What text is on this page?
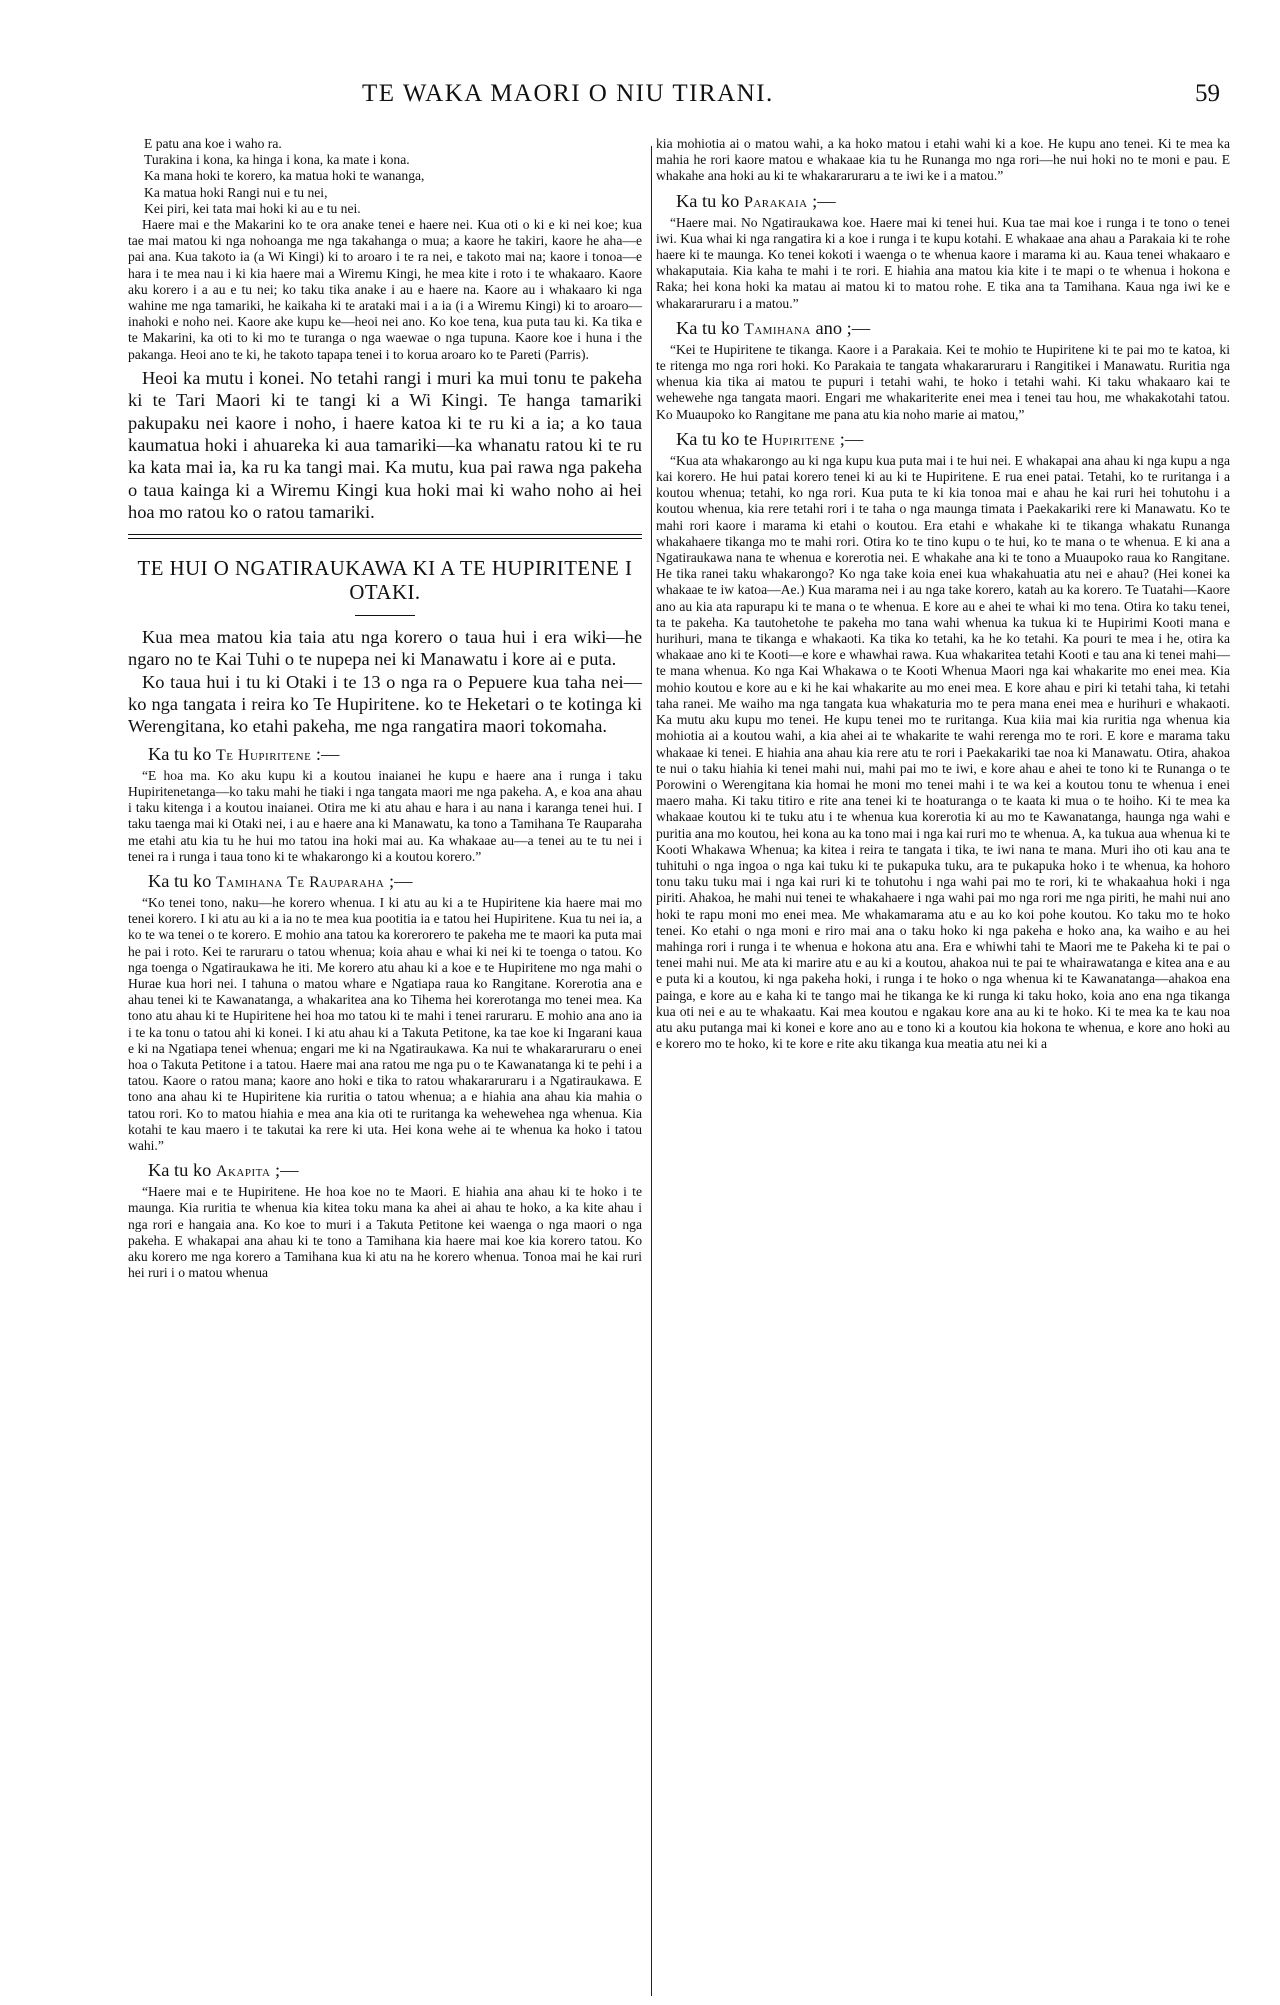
TE WAKA MAORI O NIU TIRANI.	59
E patu ana koe i waho ra.
Turakina i kona, ka hinga i kona, ka mate i kona.
Ka mana hoki te korero, ka matua hoki te wananga,
Ka matua hoki Rangi nui e tu nei,
Kei piri, kei tata mai hoki ki au e tu nei.

Haere mai e the Makarini ko te ora anake tenei e haere nei. Kua oti o ki e ki nei koe; kua tae mai matou ki nga nohoanga me nga takahanga o mua; a kaore he takiri, kaore he aha—e pai ana. Kua takoto ia (a Wi Kingi) ki to aroaro i te ra nei, e takoto mai na; kaore i tonoa—e hara i te mea nau i ki kia haere mai a Wiremu Kingi, he mea kite i roto i te whakaaro. Kaore aku korero i a au e tu nei; ko taku tika anake i au e haere na. Kaore au i whakaaro ki nga wahine me nga tamariki, he kaikaha ki te arataki mai i a ia (i a Wiremu Kingi) ki to aroaro—inahoki e noho nei. Kaore ake kupu ke—heoi nei ano. Ko koe tena, kua puta tau ki. Ka tika e te Makarini, ka oti to ki mo te turanga o nga waewae o nga tupuna. Kaore koe i huna i the pakanga. Heoi ano te ki, he takoto tapapa tenei i to korua aroaro ko te Pareti (Parris).

Heoi ka mutu i konei. No tetahi rangi i muri ka mui tonu te pakeha ki te Tari Maori ki te tangi ki a Wi Kingi. Te hanga tamariki pakupaku nei kaore i noho, i haere katoa ki te ru ki a ia; a ko taua kaumatua hoki i ahuareka ki aua tamariki—ka whanatu ratou ki te ru ka kata mai ia, ka ru ka tangi mai. Ka mutu, kua pai rawa nga pakeha o taua kainga ki a Wiremu Kingi kua hoki mai ki waho noho ai hei hoa mo ratou ko o ratou tamariki.

TE HUI O NGATIRAUKAWA KI A TE HUPIRITENE I OTAKI.

Kua mea matou kia taia atu nga korero o taua hui i era wiki—he ngaro no te Kai Tuhi o te nupepa nei ki Manawatu i kore ai e puta.

Ko taua hui i tu ki Otaki i te 13 o nga ra o Pepuere kua taha nei—ko nga tangata i reira ko Te Hupiritene. ko te Heketari o te kotinga ki Werengitana, ko etahi pakeha, me nga rangatira maori tokomaha.

Ka tu ko Te Hupiritene :—

“E hoa ma. Ko aku kupu ki a koutou inaianei he kupu e haere ana i runga i taku Hupiritenetanga—ko taku mahi he tiaki i nga tangata maori me nga pakeha. A, e koa ana ahau i taku kitenga i a koutou inaianei. Otira me ki atu ahau e hara i au nana i karanga tenei hui. I taku taenga mai ki Otaki nei, i au e haere ana ki Manawatu, ka tono a Tamihana Te Rauparaha me etahi atu kia tu he hui mo tatou ina hoki mai au. Ka whakaae au—a tenei au te tu nei i tenei ra i runga i taua tono ki te whakarongo ki a koutou korero.”

Ka tu ko Tamihana Te Rauparaha ;—

“Ko tenei tono, naku—he korero whenua. I ki atu au ki a te Hupiritene kia haere mai mo tenei korero. I ki atu au ki a ia no te mea kua pootitia ia e tatou hei Hupiritene. Kua tu nei ia, a ko te wa tenei o te korero. E mohio ana tatou ka korerorero te pakeha me te maori ka puta mai he pai i roto. Kei te raruraru o tatou whenua; koia ahau e whai ki nei ki te toenga o tatou. Ko nga toenga o Ngatiraukawa he iti. Me korero atu ahau ki a koe e te Hupiritene mo nga mahi o Hurae kua hori nei. I tahuna o matou whare e Ngatiapa raua ko Rangitane. Korerotia ana e ahau tenei ki te Kawanatanga, a whakaritea ana ko Tihema hei korerotanga mo tenei mea. Ka tono atu ahau ki te Hupiritene hei hoa mo tatou ki te mahi i tenei raruraru. E mohio ana ano ia i te ka tonu o tatou ahi ki konei. I ki atu ahau ki a Takuta Petitone, ka tae koe ki Ingarani kaua e ki na Ngatiapa tenei whenua; engari me ki na Ngatiraukawa. Ka nui te whakararuraru o enei hoa o Takuta Petitone i a tatou. Haere mai ana ratou me nga pu o te Kawanatanga ki te pehi i a tatou. Kaore o ratou mana; kaore ano hoki e tika to ratou whakararuraru i a Ngatiraukawa. E tono ana ahau ki te Hupiritene kia ruritia o tatou whenua; a e hiahia ana ahau kia mahia o tatou rori. Ko to matou hiahia e mea ana kia oti te ruritanga ka wehewehea nga whenua. Kia kotahi te kau maero i te takutai ka rere ki uta. Hei kona wehe ai te whenua ka hoko i tatou wahi.”

Ka tu ko Akapita ;—

“Haere mai e te Hupiritene. He hoa koe no te Maori. E hiahia ana ahau ki te hoko i te maunga. Kia ruritia te whenua kia kitea toku mana ka ahei ai ahau te hoko, a ka kite ahau i nga rori e hangaia ana. Ko koe to muri i a Takuta Petitone kei waenga o nga maori o nga pakeha. E whakapai ana ahau ki te tono a Tamihana kia haere mai koe kia korero tatou. Ko aku korero me nga korero a Tamihana kua ki atu na he korero whenua. Tonoa mai he kai ruri hei ruri i o matou whenua

kia mohiotia ai o matou wahi, a ka hoko matou i etahi wahi ki a koe. He kupu ano tenei. Ki te mea ka mahia he rori kaore matou e whakaae kia tu he Runanga mo nga rori—he nui hoki no te moni e pau. E whakahe ana hoki au ki te whakararuraru a te iwi ke i a matou.”

Ka tu ko Parakaia ;—

“Haere mai. No Ngatiraukawa koe. Haere mai ki tenei hui. Kua tae mai koe i runga i te tono o tenei iwi. Kua whai ki nga rangatira ki a koe i runga i te kupu kotahi. E whakaae ana ahau a Parakaia ki te rohe haere ki te maunga. Ko tenei kokoti i waenga o te whenua kaore i marama ki au. Kaua tenei whakaaro e whakaputaia. Kia kaha te mahi i te rori. E hiahia ana matou kia kite i te mapi o te whenua i hokona e Raka; hei kona hoki ka matau ai matou ki to matou rohe. E tika ana ta Tamihana. Kaua nga iwi ke e whakararuraru i a matou.”

Ka tu ko Tamihana ano ;—

“Kei te Hupiritene te tikanga. Kaore i a Parakaia. Kei te mohio te Hupiritene ki te pai mo te katoa, ki te ritenga mo nga rori hoki. Ko Parakaia te tangata whakararuraru i Rangitikei i Manawatu. Ruritia nga whenua kia tika ai matou te pupuri i tetahi wahi, te hoko i tetahi wahi. Ki taku whakaaro kai te wehewehe nga tangata maori. Engari me whakariterite enei mea i tenei tau hou, me whakakotahi tatou. Ko Muaupoko ko Rangitane me pana atu kia noho marie ai matou,”

Ka tu ko te Hupiritene ;—

“Kua ata whakarongo au ki nga kupu kua puta mai i te hui nei. E whakapai ana ahau ki nga kupu a nga kai korero. He hui patai korero tenei ki au ki te Hupiritene. E rua enei patai. Tetahi, ko te ruritanga i a koutou whenua; tetahi, ko nga rori. Kua puta te ki kia tonoa mai e ahau he kai ruri hei tohutohu i a koutou whenua, kia rere tetahi rori i te taha o nga maunga timata i Paekakariki rere ki Manawatu. Ko te mahi rori kaore i marama ki etahi o koutou. Era etahi e whakahe ki te tikanga whakatu Runanga whakahaere tikanga mo te mahi rori. Otira ko te tino kupu o te hui, ko te mana o te whenua. E ki ana a Ngatiraukawa nana te whenua e korerotia nei. E whakahe ana ki te tono a Muaupoko raua ko Rangitane. He tika ranei taku whakarongo? Ko nga take koia enei kua whakahuatia atu nei e ahau? (Hei konei ka whakaae te iw katoa—Ae.) Kua marama nei i au nga take korero, katah au ka korero. Te Tuatahi—Kaore ano au kia ata rapurapu ki te mana o te whenua. E kore au e ahei te whai ki mo tena. Otira ko taku tenei, ta te pakeha. Ka tautohetohe te pakeha mo tana wahi whenua ka tukua ki te Hupirimi Kooti mana e hurihuri, mana te tikanga e whakaoti. Ka tika ko tetahi, ka he ko tetahi. Ka pouri te mea i he, otira ka whakaae ano ki te Kooti—e kore e whawhai rawa. Kua whakaritea tetahi Kooti e tau ana ki tenei mahi—te mana whenua. Ko nga Kai Whakawa o te Kooti Whenua Maori nga kai whakarite mo enei mea. Kia mohio koutou e kore au e ki he kai whakarite au mo enei mea. E kore ahau e piri ki tetahi taha, ki tetahi taha ranei. Me waiho ma nga tangata kua whakaturia mo te pera mana enei mea e hurihuri e whakaoti. Ka mutu aku kupu mo tenei. He kupu tenei mo te ruritanga. Kua kiia mai kia ruritia nga whenua kia mohiotia ai a koutou wahi, a kia ahei ai te whakarite te wahi rerenga mo te rori. E kore e marama taku whakaae ki tenei. E hiahia ana ahau kia rere atu te rori i Paekakariki tae noa ki Manawatu. Otira, ahakoa te nui o taku hiahia ki tenei mahi nui, mahi pai mo te iwi, e kore ahau e ahei te tono ki te Runanga o te Porowini o Werengitana kia homai he moni mo tenei mahi i te wa kei a koutou tonu te whenua i enei maero maha. Ki taku titiro e rite ana tenei ki te hoaturanga o te kaata ki mua o te hoiho. Ki te mea ka whakaae koutou ki te tuku atu i te whenua kua korerotia ki au mo te Kawanatanga, haunga nga wahi e puritia ana mo koutou, hei kona au ka tono mai i nga kai ruri mo te whenua. A, ka tukua aua whenua ki te Kooti Whakawa Whenua; ka kitea i reira te tangata i tika, te iwi nana te mana. Muri iho oti kau ana te tuhituhi o nga ingoa o nga kai tuku ki te pukapuka tuku, ara te pukapuka hoko i te whenua, ka hohoro tonu taku tuku mai i nga kai ruri ki te tohutohu i nga wahi pai mo te rori, ki te whakaahua hoki i nga piriti. Ahakoa, he mahi nui tenei te whakahaere i nga wahi pai mo nga rori me nga piriti, he mahi nui ano hoki te rapu moni mo enei mea. Me whakamarama atu e au ko koi pohe koutou. Ko taku mo te hoko tenei. Ko etahi o nga moni e riro mai ana o taku hoko ki nga pakeha e hoko ana, ka waiho e au hei mahinga rori i runga i te whenua e hokona atu ana. Era e whiwhi tahi te Maori me te Pakeha ki te pai o tenei mahi nui. Me ata ki marire atu e au ki a koutou, ahakoa nui te pai te whairawatanga e kitea ana e au e puta ki a koutou, ki nga pakeha hoki, i runga i te hoko o nga whenua ki te Kawanatanga—ahakoa ena painga, e kore au e kaha ki te tango mai he tikanga ke ki runga ki taku hoko, koia ano ena nga tikanga kua oti nei e au te whakaatu. Kai mea koutou e ngakau kore ana au ki te hoko. Ki te mea ka te kau noa atu aku putanga mai ki konei e kore ano au e tono ki a koutou kia hokona te whenua, e kore ano hoki au e korero mo te hoko, ki te kore e rite aku tikanga kua meatia atu nei ki a
